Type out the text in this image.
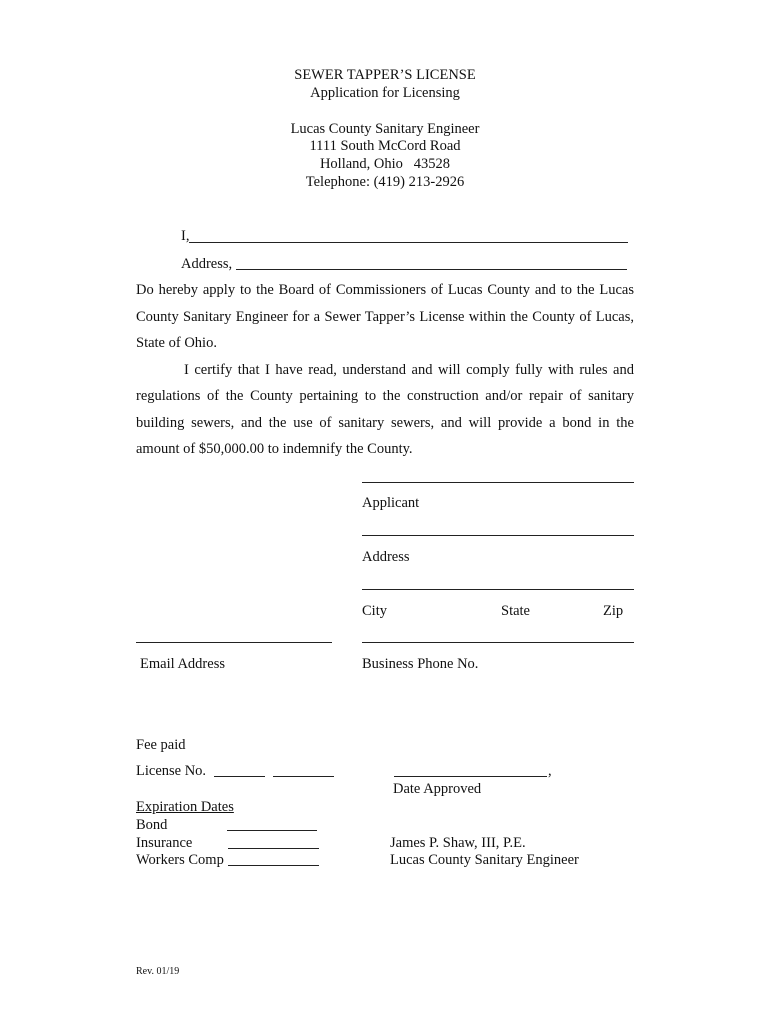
SEWER TAPPER’S LICENSE
Application for Licensing
Lucas County Sanitary Engineer
1111 South McCord Road
Holland, Ohio   43528
Telephone: (419) 213-2926
I,
Address,

Do hereby apply to the Board of Commissioners of Lucas County and to the Lucas County Sanitary Engineer for a Sewer Tapper’s License within the County of Lucas, State of Ohio.

I certify that I have read, understand and will comply fully with rules and regulations of the County pertaining to the construction and/or repair of sanitary building sewers, and the use of sanitary sewers, and will provide a bond in the amount of $50,000.00 to indemnify the County.

Applicant
Address
City	State	Zip
Email Address	Business Phone No.
Fee paid
License No.	,
Date Approved
Expiration Dates
Bond
Insurance
Workers Comp
James P. Shaw, III, P.E.
Lucas County Sanitary Engineer
Rev. 01/19
